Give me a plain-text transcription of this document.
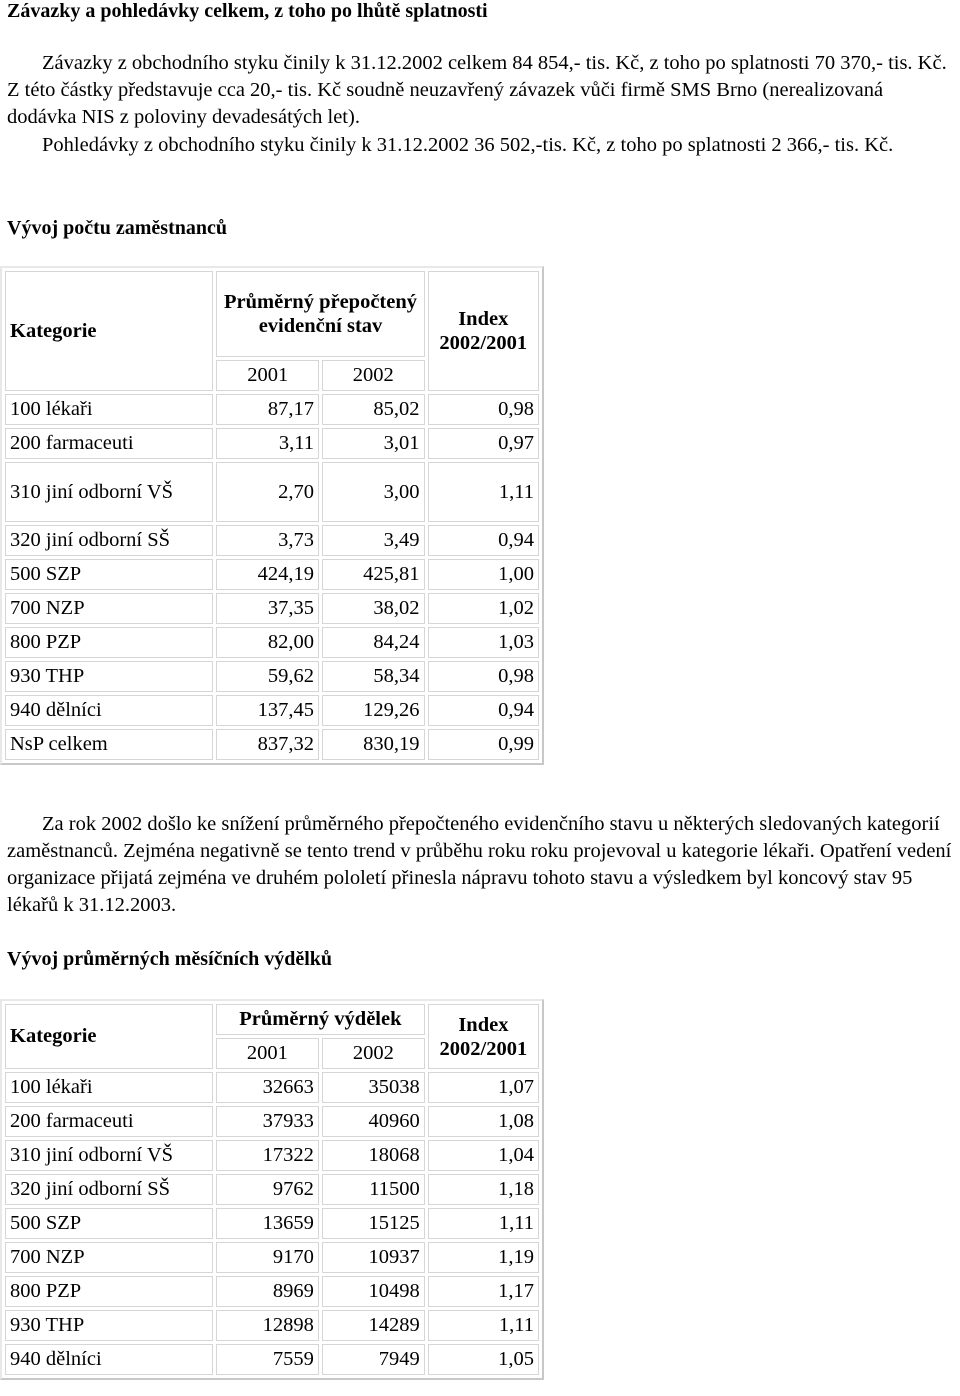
Závazky a pohledávky celkem, z toho po lhůtě splatnosti

Závazky z obchodního styku činily k 31.12.2002 celkem 84 854,- tis. Kč, z toho po splatnosti 70 370,- tis. Kč. Z této částky představuje cca 20,- tis. Kč soudně neuzavřený závazek vůči firmě SMS Brno (nerealizovaná dodávka NIS z poloviny devadesátých let).

Pohledávky z obchodního styku činily k 31.12.2002 36 502,-tis. Kč, z toho po splatnosti 2 366,- tis. Kč.

Vývoj počtu zaměstnanců
Kategorie	Průměrný přepočtený evidenční stav		Index 2002/2001
	2001	2002	
100 lékaři	87,17	85,02	0,98
200 farmaceuti	3,11	3,01	0,97
310 jiní odborní VŠ	2,70	3,00	1,11
320 jiní odborní SŠ	3,73	3,49	0,94
500 SZP	424,19	425,81	1,00
700 NZP	37,35	38,02	1,02
800 PZP	82,00	84,24	1,03
930 THP	59,62	58,34	0,98
940 dělníci	137,45	129,26	0,94
NsP celkem	837,32	830,19	0,99

Za rok 2002 došlo ke snížení průměrného přepočteného evidenčního stavu u některých sledovaných kategorií zaměstnanců. Zejména negativně se tento trend v průběhu roku roku projevoval u kategorie lékaři. Opatření vedení organizace přijatá zejména ve druhém pololetí přinesla nápravu tohoto stavu a výsledkem byl koncový stav 95 lékařů k 31.12.2003.

Vývoj průměrných měsíčních výdělků
Kategorie	Průměrný výdělek		Index 2002/2001
	2001	2002	
100 lékaři	32663	35038	1,07
200 farmaceuti	37933	40960	1,08
310 jiní odborní VŠ	17322	18068	1,04
320 jiní odborní SŠ	9762	11500	1,18
500 SZP	13659	15125	1,11
700 NZP	9170	10937	1,19
800 PZP	8969	10498	1,17
930 THP	12898	14289	1,11
940 dělníci	7559	7949	1,05
